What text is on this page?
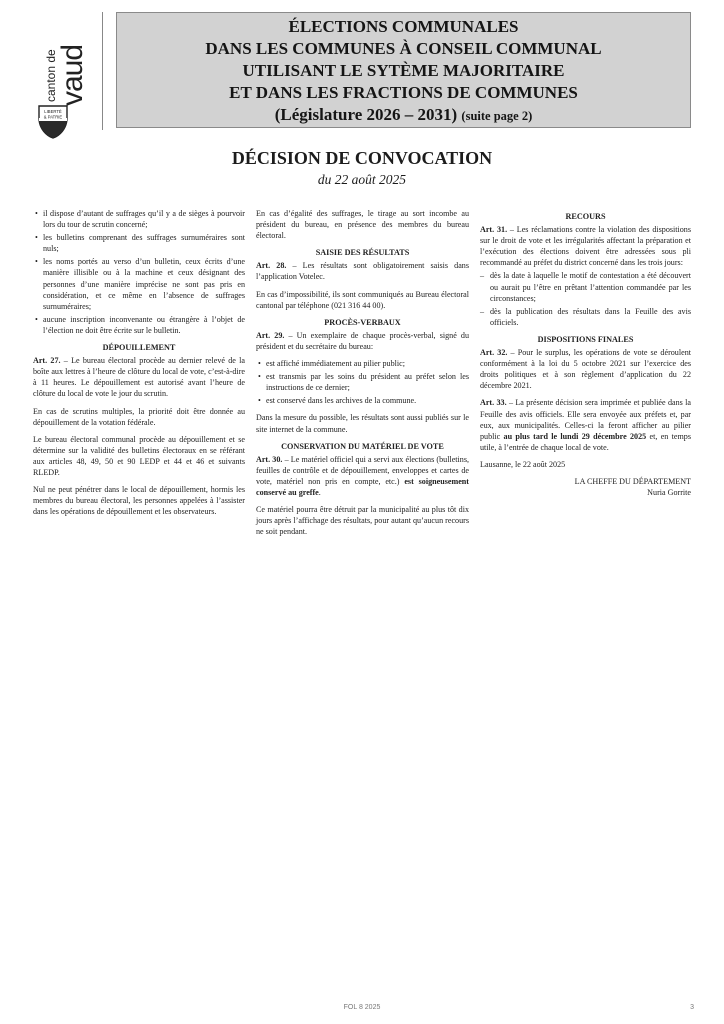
canton de
vaud
LIBERTÉ
& PATRIE
ÉLECTIONS COMMUNALES
DANS LES COMMUNES À CONSEIL COMMUNAL
UTILISANT LE SYTÈME MAJORITAIRE
ET DANS LES FRACTIONS DE COMMUNES
(Législature 2026 – 2031) (suite page 2)
DÉCISION DE CONVOCATION
du 22 août 2025
• il dispose d’autant de suffrages qu’il y a de sièges à pourvoir lors du tour de scrutin concerné;
• les bulletins comprenant des suffrages surnuméraires sont nuls;
• les noms portés au verso d’un bulletin, ceux écrits d’une manière illisible ou à la machine et ceux désignant des personnes d’une manière imprécise ne sont pas pris en considération, et ce même en l’absence de suffrages surnuméraires;
• aucune inscription inconvenante ou étrangère à l’objet de l’élection ne doit être écrite sur le bulletin.
DÉPOUILLEMENT

Art. 27. – Le bureau électoral procède au dernier relevé de la boîte aux lettres à l’heure de clôture du local de vote, c’est-à-dire à 11 heures. Le dépouillement est autorisé avant l’heure de clôture du local de vote le jour du scrutin.

En cas de scrutins multiples, la priorité doit être donnée au dépouillement de la votation fédérale.

Le bureau électoral communal procède au dépouillement et se détermine sur la validité des bulletins électoraux en se référant aux articles 48, 49, 50 et 90 LEDP et 44 et 46 et suivants RLEDP.

Nul ne peut pénétrer dans le local de dépouillement, hormis les membres du bureau électoral, les personnes appelées à l’assister dans les opérations de dépouillement et les observateurs.

En cas d’égalité des suffrages, le tirage au sort incombe au président du bureau, en présence des membres du bureau électoral.

SAISIE DES RÉSULTATS

Art. 28. – Les résultats sont obligatoirement saisis dans l’application Votelec.

En cas d’impossibilité, ils sont communiqués au Bureau électoral cantonal par téléphone (021 316 44 00).

PROCÈS-VERBAUX

Art. 29. – Un exemplaire de chaque procès-verbal, signé du président et du secrétaire du bureau:

• est affiché immédiatement au pilier public;
• est transmis par les soins du président au préfet selon les instructions de ce dernier;
• est conservé dans les archives de la commune.

Dans la mesure du possible, les résultats sont aussi publiés sur le site internet de la commune.

CONSERVATION DU MATÉRIEL DE VOTE

Art. 30. – Le matériel officiel qui a servi aux élections (bulletins, feuilles de contrôle et de dépouillement, enveloppes et cartes de vote, matériel non pris en compte, etc.) est soigneusement conservé au greffe.

Ce matériel pourra être détruit par la municipalité au plus tôt dix jours après l’affichage des résultats, pour autant qu’aucun recours ne soit pendant.

RECOURS

Art. 31. – Les réclamations contre la violation des dispositions sur le droit de vote et les irrégularités affectant la préparation et l’exécution des élections doivent être adressées sous pli recommandé au préfet du district concerné dans les trois jours:

– dès la date à laquelle le motif de contestation a été découvert ou aurait pu l’être en prêtant l’attention commandée par les circonstances;
– dès la publication des résultats dans la Feuille des avis officiels.
DISPOSITIONS FINALES

Art. 32. – Pour le surplus, les opérations de vote se déroulent conformément à la loi du 5 octobre 2021 sur l’exercice des droits politiques et à son règlement d’application du 22 décembre 2021.

Art. 33. – La présente décision sera imprimée et publiée dans la Feuille des avis officiels. Elle sera envoyée aux préfets et, par eux, aux municipalités. Celles-ci la feront afficher au pilier public au plus tard le lundi 29 décembre 2025 et, en temps utile, à l’entrée de chaque local de vote.

Lausanne, le 22 août 2025

LA CHEFFE DU DÉPARTEMENT
Nuria Gorrite
FOL 8 2025	3
